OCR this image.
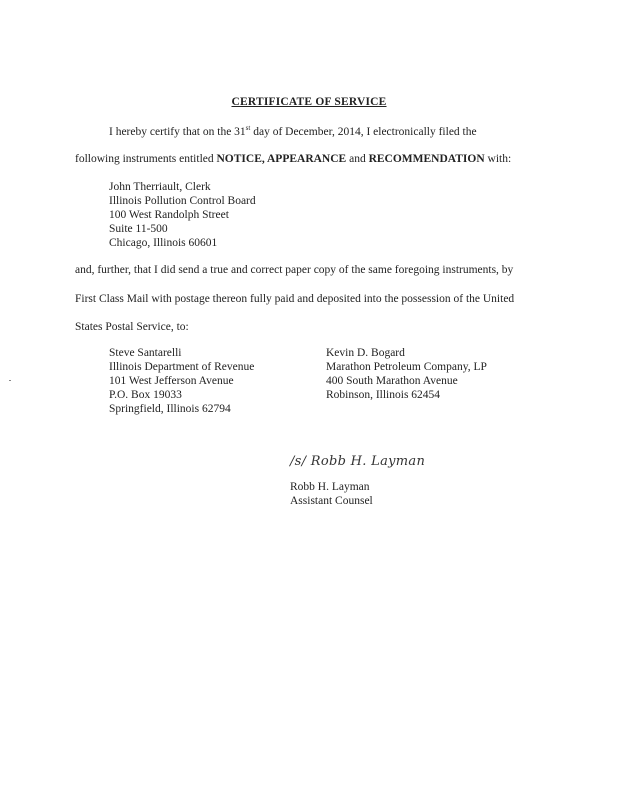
CERTIFICATE OF SERVICE
I hereby certify that on the 31st day of December, 2014, I electronically filed the
following instruments entitled NOTICE, APPEARANCE and RECOMMENDATION with:
John Therriault, Clerk
Illinois Pollution Control Board
100 West Randolph Street
Suite 11-500
Chicago, Illinois 60601
and, further, that I did send a true and correct paper copy of the same foregoing instruments, by
First Class Mail with postage thereon fully paid and deposited into the possession of the United
States Postal Service, to:
Steve Santarelli
Illinois Department of Revenue
101 West Jefferson Avenue
P.O. Box 19033
Springfield, Illinois 62794
Kevin D. Bogard
Marathon Petroleum Company, LP
400 South Marathon Avenue
Robinson, Illinois 62454
/s/ Robb H. Layman
Robb H. Layman
Assistant Counsel
